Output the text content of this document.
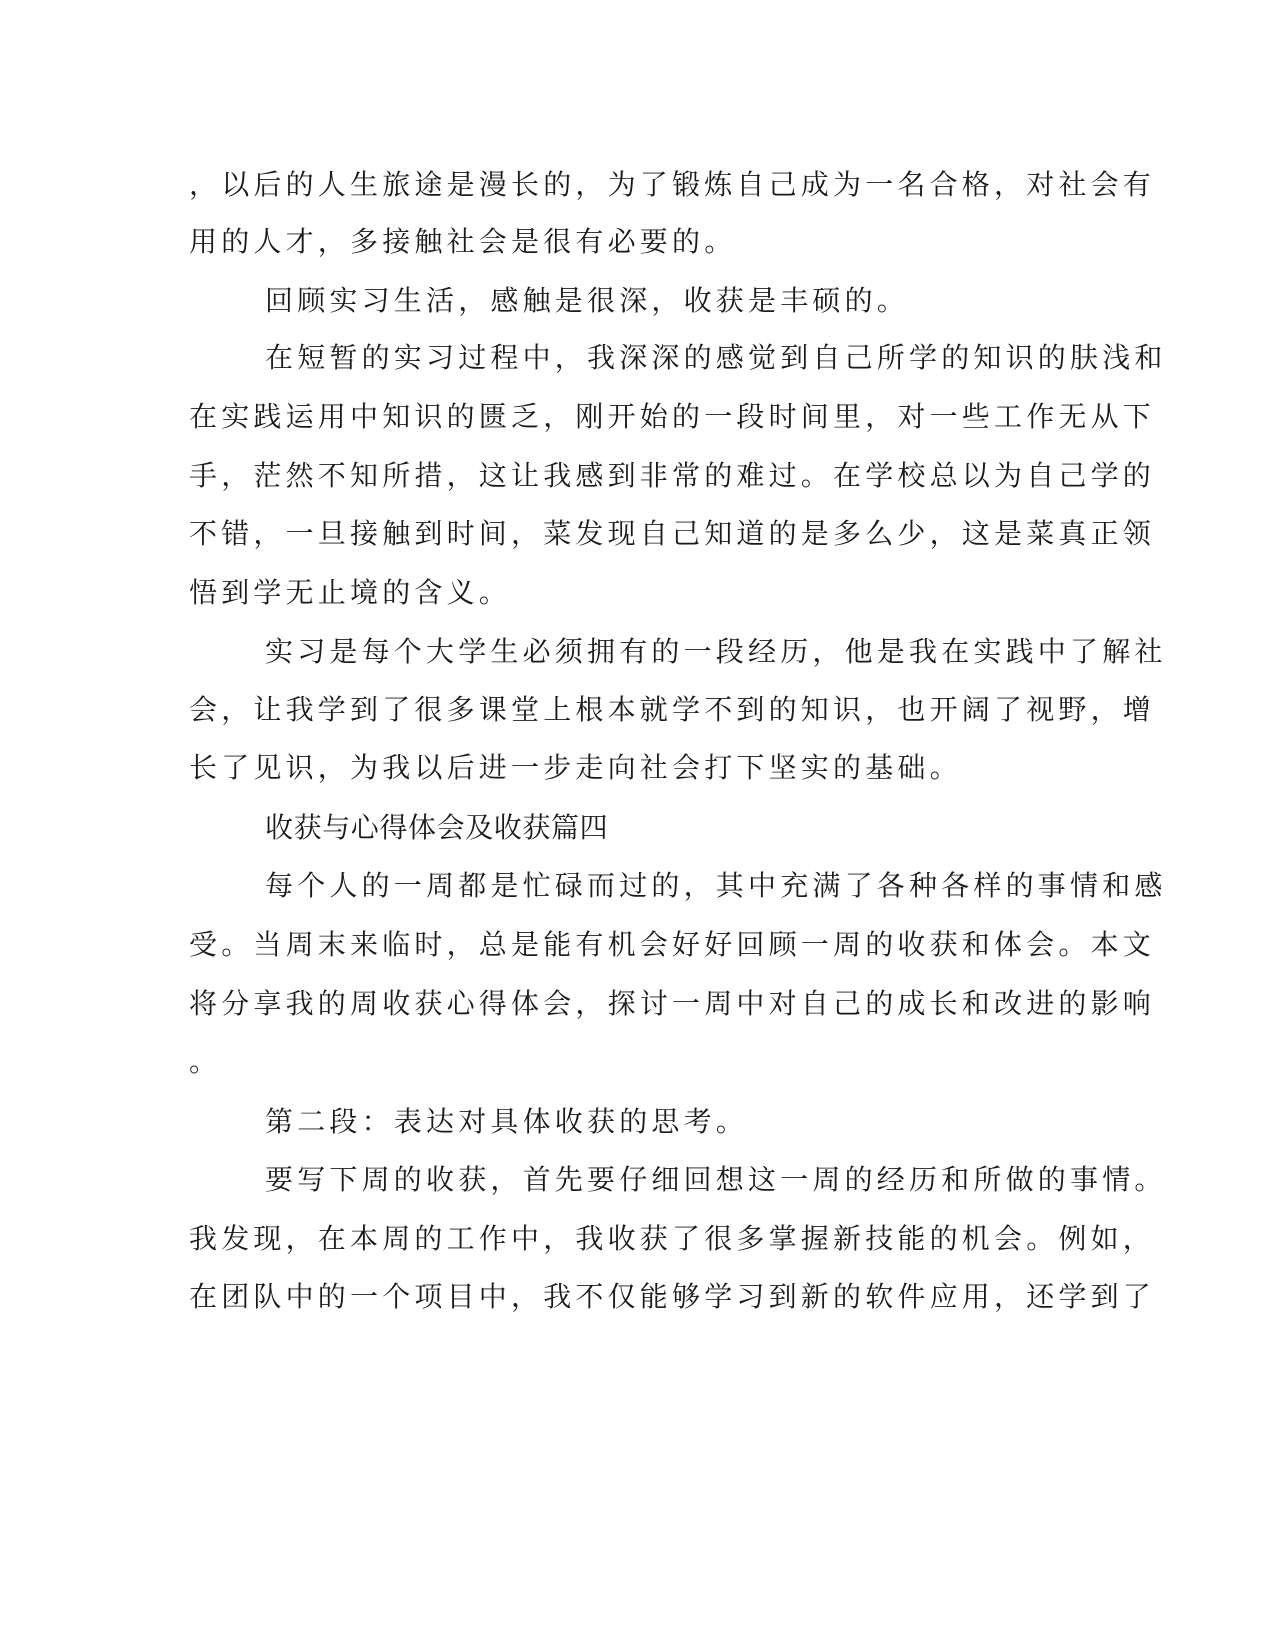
，以后的人生旅途是漫长的，为了锻炼自己成为一名合格，对社会有

用的人才，多接触社会是很有必要的。

回顾实习生活，感触是很深，收获是丰硕的。

在短暂的实习过程中，我深深的感觉到自己所学的知识的肤浅和

在实践运用中知识的匮乏，刚开始的一段时间里，对一些工作无从下

手，茫然不知所措，这让我感到非常的难过。在学校总以为自己学的

不错，一旦接触到时间，菜发现自己知道的是多么少，这是菜真正领

悟到学无止境的含义。

实习是每个大学生必须拥有的一段经历，他是我在实践中了解社

会，让我学到了很多课堂上根本就学不到的知识，也开阔了视野，增

长了见识，为我以后进一步走向社会打下坚实的基础。

收获与心得体会及收获篇四

每个人的一周都是忙碌而过的，其中充满了各种各样的事情和感

受。当周末来临时，总是能有机会好好回顾一周的收获和体会。本文

将分享我的周收获心得体会，探讨一周中对自己的成长和改进的影响

。

第二段：表达对具体收获的思考。

要写下周的收获，首先要仔细回想这一周的经历和所做的事情。

我发现，在本周的工作中，我收获了很多掌握新技能的机会。例如，

在团队中的一个项目中，我不仅能够学习到新的软件应用，还学到了
